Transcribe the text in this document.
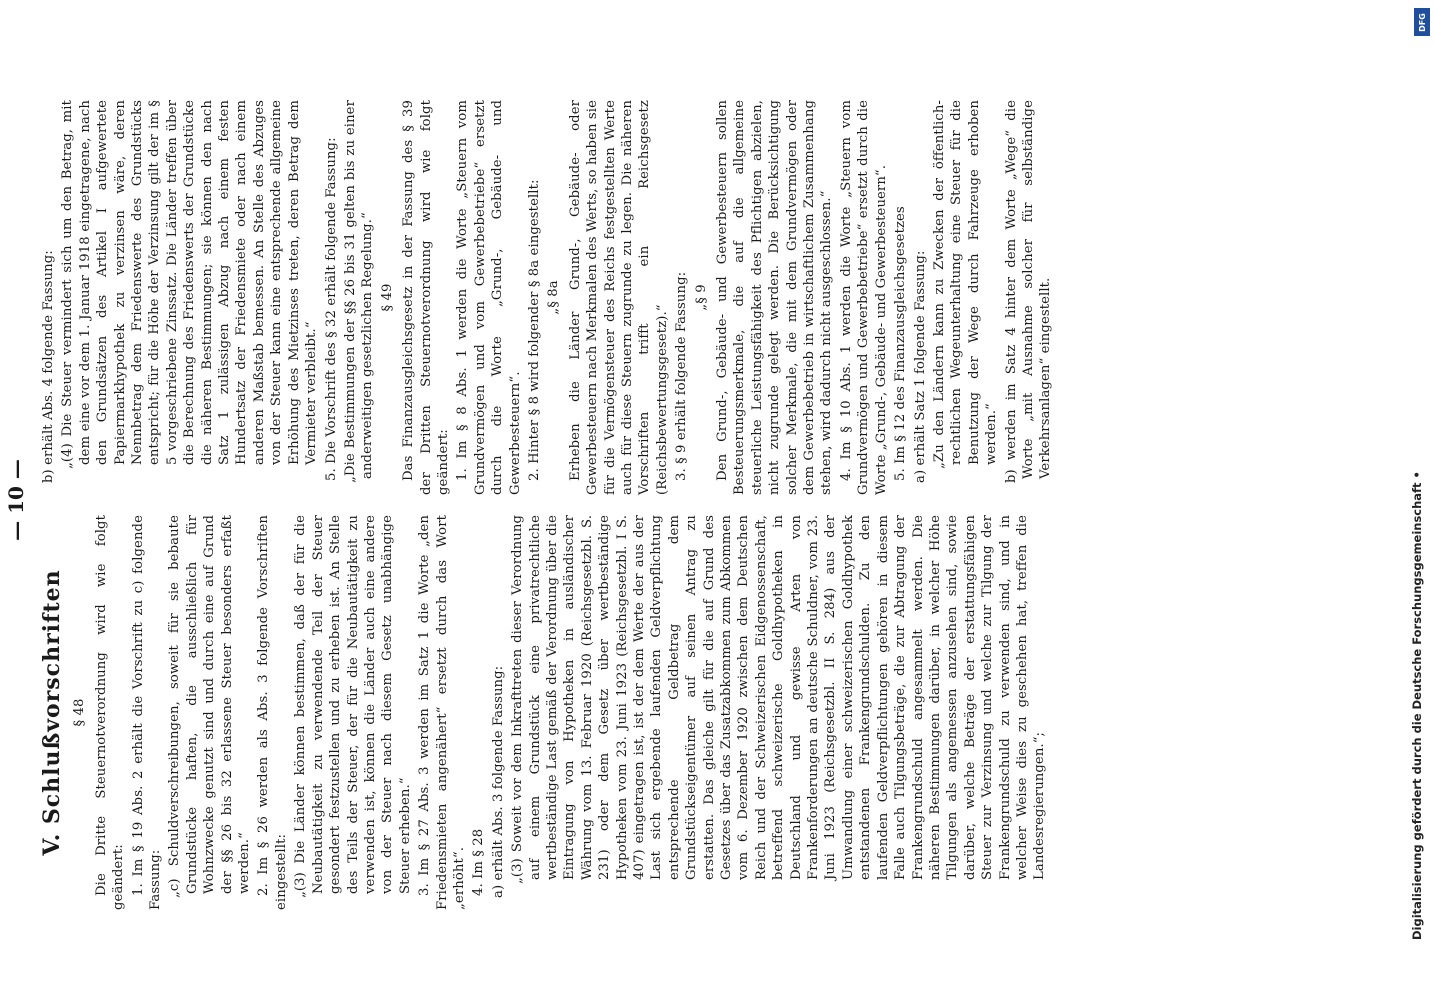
— 10 —
V. Schlußvorschriften § 48 Die Dritte Steuernotverordnung wird wie folgt geändert: 1. Im § 19 Abs. 2 erhält die Vorschrift zu c) folgende Fassung: „c) Schuldverschreibungen, soweit für sie bebaute Grundstücke haften, die ausschließlich für Wohnzwecke genutzt sind und durch eine auf Grund der §§ 26 bis 32 erlassene Steuer besonders erfaßt werden.“ 2. Im § 26 werden als Abs. 3 folgende Vorschriften eingestellt: „(3) Die Länder können bestimmen, daß der für die Neubautätigkeit zu verwendende Teil der Steuer gesondert festzustellen und zu erheben ist. An Stelle des Teils der Steuer, der für die Neubautätigkeit zu verwenden ist, können die Länder auch eine andere von der Steuer nach diesem Gesetz unabhängige Steuer erheben.“ 3. Im § 27 Abs. 3 werden im Satz 1 die Worte „den Friedensmieten angenähert“ ersetzt durch das Wort „erhöht“. 4. Im § 28 a) erhält Abs. 3 folgende Fassung: „(3) Soweit vor dem Inkrafttreten dieser Verordnung auf einem Grundstück eine privatrechtliche wertbeständige Last gemäß der Verordnung über die Eintragung von Hypotheken in ausländischer Währung vom 13. Februar 1920 (Reichsgesetzbl. S. 231) oder dem Gesetz über wertbeständige Hypotheken vom 23. Juni 1923 (Reichsgesetzbl. I S. 407) eingetragen ist, ist der dem Werte der aus der Last sich ergebende laufenden Geldverpflichtung entsprechende Geldbetrag dem Grundstückseigentümer auf seinen Antrag zu erstatten. Das gleiche gilt für die auf Grund des Gesetzes über das Zusatzabkommen zum Abkommen vom 6. Dezember 1920 zwischen dem Deutschen Reich und der Schweizerischen Eidgenossenschaft, betreffend schweizerische Goldhypotheken in Deutschland und gewisse Arten von Frankenforderungen an deutsche Schuldner, vom 23. Juni 1923 (Reichsgesetzbl. II S. 284) aus der Umwandlung einer schweizerischen Goldhypothek entstandenen Frankengrundschulden. Zu den laufenden Geldverpflichtungen gehören in diesem Falle auch Tilgungsbeträge, die zur Abtragung der Frankengrundschuld angesammelt werden. Die näheren Bestimmungen darüber, in welcher Höhe Tilgungen als angemessen anzusehen sind, sowie darüber, welche Beträge der erstattungsfähigen Steuer zur Verzinsung und welche zur Tilgung der Frankengrundschuld zu verwenden sind, und in welcher Weise dies zu geschehen hat, treffen die Landesregierungen.“;
b) erhält Abs. 4 folgende Fassung: „(4) Die Steuer vermindert sich um den Betrag, mit dem eine vor dem 1. Januar 1918 eingetragene, nach den Grundsätzen des Artikel I aufgewertete Papiermarkhypothek zu verzinsen wäre, deren Nennbetrag dem Friedenswerte des Grundstücks entspricht; für die Höhe der Verzinsung gilt der im § 5 vorgeschriebene Zinssatz. Die Länder treffen über die Berechnung des Friedenswerts der Grundstücke die näheren Bestimmungen; sie können den nach Satz 1 zulässigen Abzug nach einem festen Hundertsatz der Friedensmiete oder nach einem anderen Maßstab bemessen. An Stelle des Abzuges von der Steuer kann eine entsprechende allgemeine Erhöhung des Mietzinses treten, deren Betrag dem Vermieter verbleibt.“ 5. Die Vorschrift des § 32 erhält folgende Fassung: „Die Bestimmungen der §§ 26 bis 31 gelten bis zu einer anderweitigen gesetzlichen Regelung.“ § 49 Das Finanzausgleichsgesetz in der Fassung des § 39 der Dritten Steuernotverordnung wird wie folgt geändert: 1. Im § 8 Abs. 1 werden die Worte „Steuern vom Grundvermögen und vom Gewerbebetriebe“ ersetzt durch die Worte „Grund-, Gebäude- und Gewerbesteuern“. 2. Hinter § 8 wird folgender § 8a eingestellt: „§ 8a Erheben die Länder Grund-, Gebäude- oder Gewerbesteuern nach Merkmalen des Werts, so haben sie für die Vermögensteuer des Reichs festgestellten Werte auch für diese Steuern zugrunde zu legen. Die näheren Vorschriften trifft ein Reichsgesetz (Reichsbewertungsgesetz).“ 3. § 9 erhält folgende Fassung: „§ 9 Den Grund-, Gebäude- und Gewerbesteuern sollen Besteuerungsmerkmale, die auf die allgemeine steuerliche Leistungsfähigkeit des Pflichtigen abzielen, nicht zugrunde gelegt werden. Die Berücksichtigung solcher Merkmale, die mit dem Grundvermögen oder dem Gewerbebetrieb in wirtschaftlichem Zusammenhang stehen, wird dadurch nicht ausgeschlossen.“ 4. Im § 10 Abs. 1 werden die Worte „Steuern vom Grundvermögen und Gewerbebetriebe“ ersetzt durch die Worte „Grund-, Gebäude- und Gewerbesteuern“. 5. Im § 12 des Finanzausgleichsgesetzes a) erhält Satz 1 folgende Fassung: „Zu den Ländern kann zu Zwecken der öffentlich-rechtlichen Wegeunterhaltung eine Steuer für die Benutzung der Wege durch Fahrzeuge erhoben werden.“ b) werden im Satz 4 hinter dem Worte „Wege“ die Worte „mit Ausnahme solcher für selbständige Verkehrsanlagen“ eingestellt.
DFG
Digitalisierung gefördert durch die Deutsche Forschungsgemeinschaft •
